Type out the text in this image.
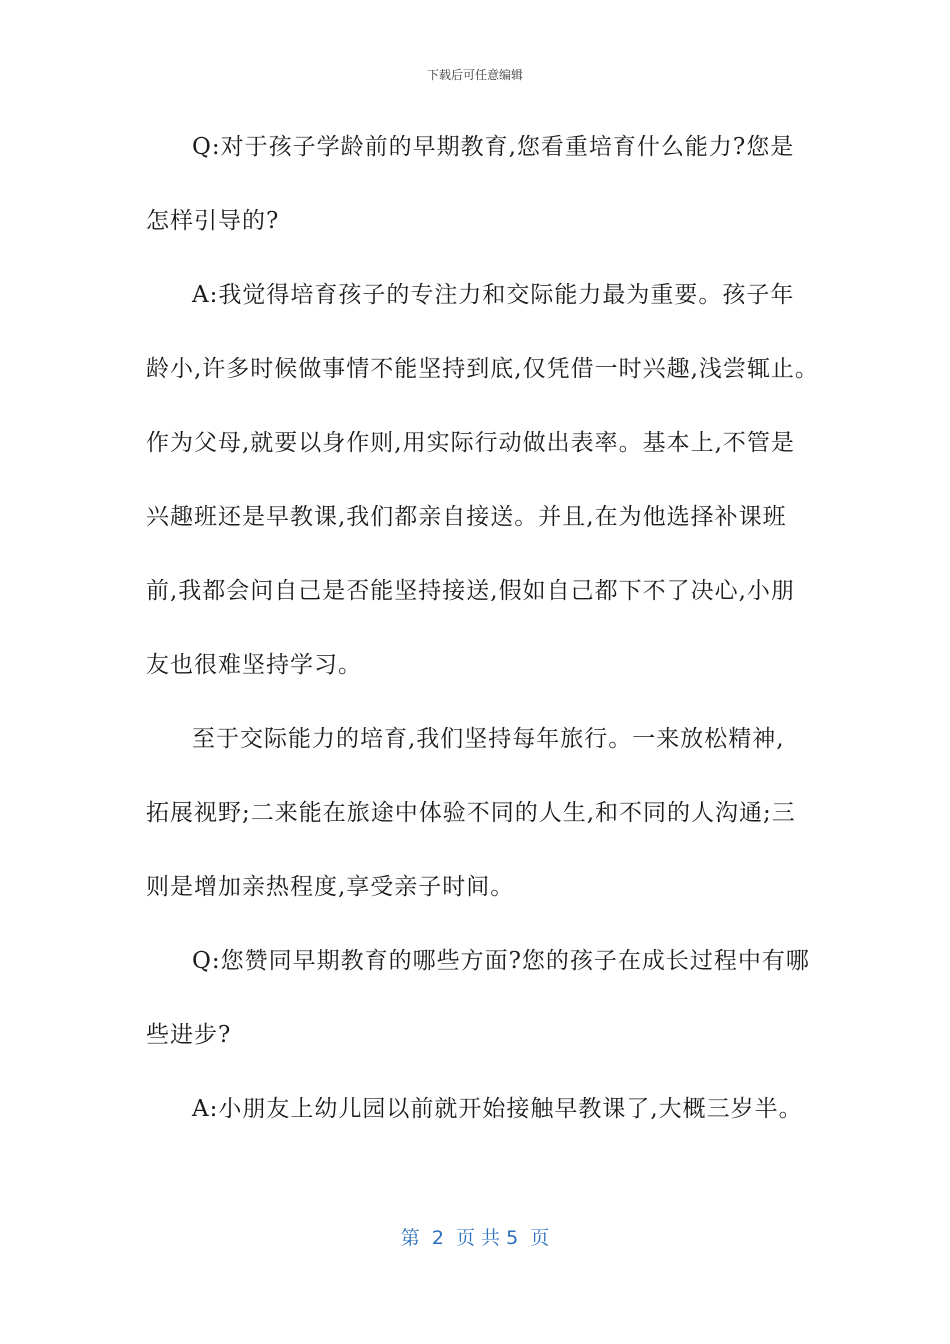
下载后可任意编辑
Q:对于孩子学龄前的早期教育,您看重培育什么能力?您是
怎样引导的?
A:我觉得培育孩子的专注力和交际能力最为重要。孩子年
龄小,许多时候做事情不能坚持到底,仅凭借一时兴趣,浅尝辄止。
作为父母,就要以身作则,用实际行动做出表率。基本上,不管是
兴趣班还是早教课,我们都亲自接送。并且,在为他选择补课班
前,我都会问自己是否能坚持接送,假如自己都下不了决心,小朋
友也很难坚持学习。
至于交际能力的培育,我们坚持每年旅行。一来放松精神,
拓展视野;二来能在旅途中体验不同的人生,和不同的人沟通;三
则是增加亲热程度,享受亲子时间。
Q:您赞同早期教育的哪些方面?您的孩子在成长过程中有哪
些进步?
A:小朋友上幼儿园以前就开始接触早教课了,大概三岁半。
第  2  页 共 5  页
